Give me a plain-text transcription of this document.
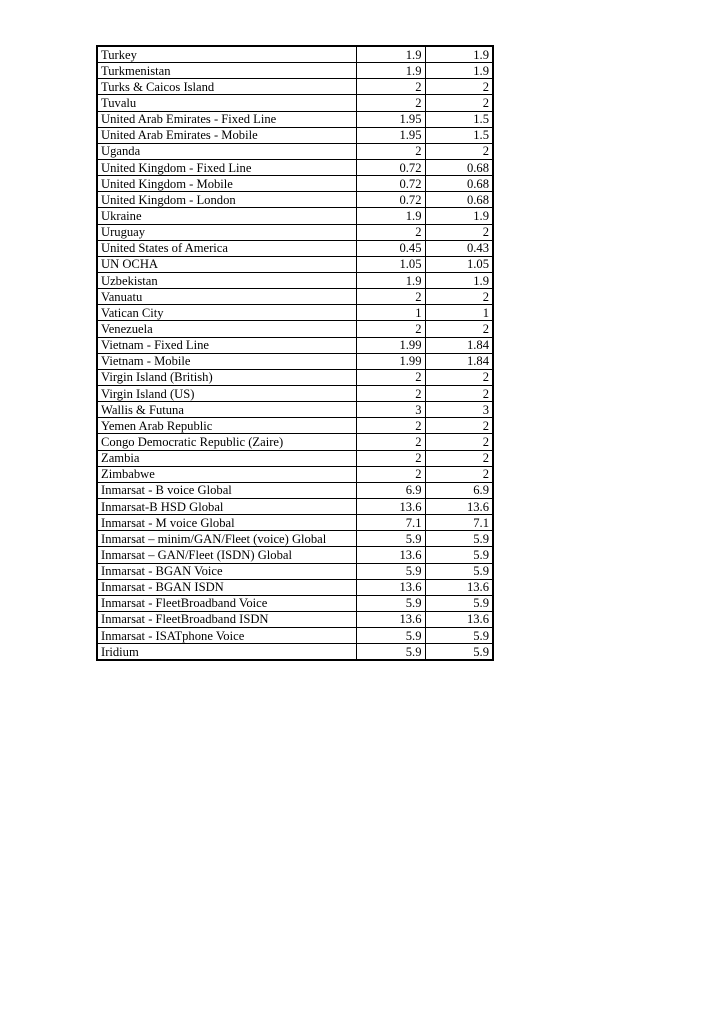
Turkey	1.9	1.9
Turkmenistan	1.9	1.9
Turks & Caicos Island	2	2
Tuvalu	2	2
United Arab Emirates - Fixed Line	1.95	1.5
United Arab Emirates - Mobile	1.95	1.5
Uganda	2	2
United Kingdom - Fixed Line	0.72	0.68
United Kingdom - Mobile	0.72	0.68
United Kingdom - London	0.72	0.68
Ukraine	1.9	1.9
Uruguay	2	2
United States of America	0.45	0.43
UN OCHA	1.05	1.05
Uzbekistan	1.9	1.9
Vanuatu	2	2
Vatican City	1	1
Venezuela	2	2
Vietnam - Fixed Line	1.99	1.84
Vietnam - Mobile	1.99	1.84
Virgin Island (British)	2	2
Virgin Island (US)	2	2
Wallis & Futuna	3	3
Yemen Arab Republic	2	2
Congo Democratic Republic (Zaire)	2	2
Zambia	2	2
Zimbabwe	2	2
Inmarsat - B voice Global	6.9	6.9
Inmarsat-B HSD Global	13.6	13.6
Inmarsat - M voice Global	7.1	7.1
Inmarsat – minim/GAN/Fleet (voice) Global	5.9	5.9
Inmarsat – GAN/Fleet (ISDN) Global	13.6	5.9
Inmarsat - BGAN Voice	5.9	5.9
Inmarsat - BGAN ISDN	13.6	13.6
Inmarsat - FleetBroadband Voice	5.9	5.9
Inmarsat - FleetBroadband ISDN	13.6	13.6
Inmarsat - ISATphone Voice	5.9	5.9
Iridium	5.9	5.9
